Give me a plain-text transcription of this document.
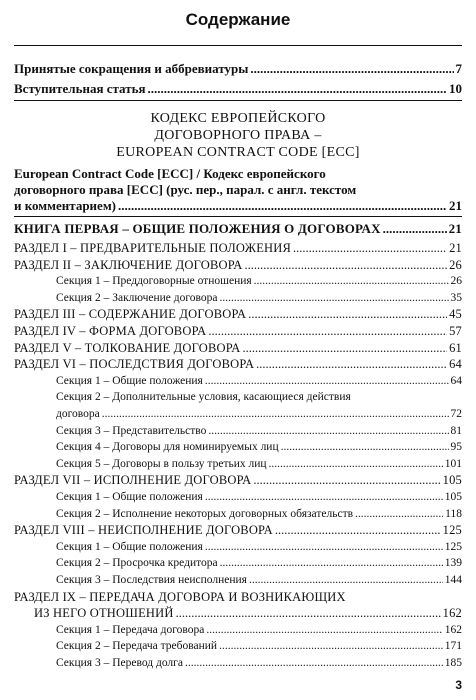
Содержание
Принятые сокращения и аббревиатуры .....	7
Вступительная статья .....	10
КОДЕКС ЕВРОПЕЙСКОГО
ДОГОВОРНОГО ПРАВА –
EUROPEAN CONTRACT CODE [ECC]
European Contract Code [ECC] / Кодекс европейского
договорного права [ECC] (рус. пер., парал. с англ. текстом
и комментарием) .....	21
КНИГА ПЕРВАЯ – ОБЩИЕ ПОЛОЖЕНИЯ О ДОГОВОРАХ .....	21
РАЗДЕЛ I – ПРЕДВАРИТЕЛЬНЫЕ ПОЛОЖЕНИЯ .....	21
РАЗДЕЛ II – ЗАКЛЮЧЕНИЕ ДОГОВОРА .....	26
Секция 1 – Преддоговорные отношения .....	26
Секция 2 – Заключение договора .....	35
РАЗДЕЛ III – СОДЕРЖАНИЕ ДОГОВОРА .....	45
РАЗДЕЛ IV – ФОРМА ДОГОВОРА .....	57
РАЗДЕЛ V – ТОЛКОВАНИЕ ДОГОВОРА .....	61
РАЗДЕЛ VI – ПОСЛЕДСТВИЯ ДОГОВОРА .....	64
Секция 1 – Общие положения .....	64
Секция 2 – Дополнительные условия, касающиеся действия
договора .....	72
Секция 3 – Представительство .....	81
Секция 4 – Договоры для номинируемых лиц .....	95
Секция 5 – Договоры в пользу третьих лиц .....	101
РАЗДЕЛ VII – ИСПОЛНЕНИЕ ДОГОВОРА .....	105
Секция 1 – Общие положения .....	105
Секция 2 – Исполнение некоторых договорных обязательств .....	118
РАЗДЕЛ VIII – НЕИСПОЛНЕНИЕ ДОГОВОРА .....	125
Секция 1 – Общие положения .....	125
Секция 2 – Просрочка кредитора .....	139
Секция 3 – Последствия неисполнения .....	144
РАЗДЕЛ IX – ПЕРЕДАЧА ДОГОВОРА И ВОЗНИКАЮЩИХ
ИЗ НЕГО ОТНОШЕНИЙ .....	162
Секция 1 – Передача договора .....	162
Секция 2 – Передача требований .....	171
Секция 3 – Перевод долга .....	185
3
